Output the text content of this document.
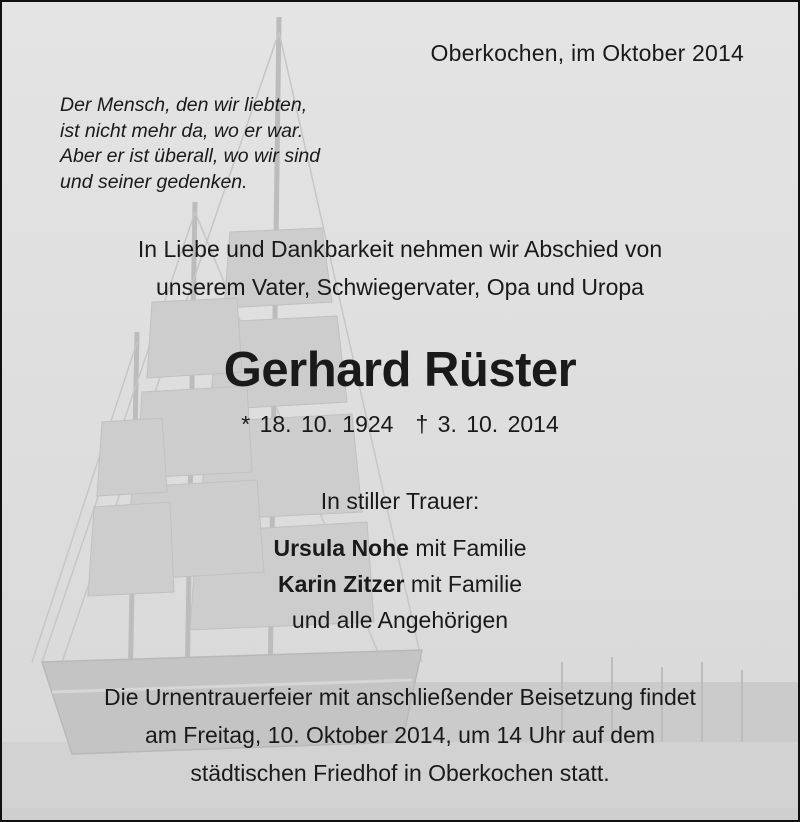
Oberkochen, im Oktober 2014
Der Mensch, den wir liebten,
ist nicht mehr da, wo er war.
Aber er ist überall, wo wir sind
und seiner gedenken.
In Liebe und Dankbarkeit nehmen wir Abschied von
unserem Vater, Schwiegervater, Opa und Uropa
Gerhard Rüster
* 18. 10. 1924 † 3. 10. 2014
In stiller Trauer:
Ursula Nohe mit Familie
Karin Zitzer mit Familie
und alle Angehörigen
Die Urnentrauerfeier mit anschließender Beisetzung findet
am Freitag, 10. Oktober 2014, um 14 Uhr auf dem
städtischen Friedhof in Oberkochen statt.
